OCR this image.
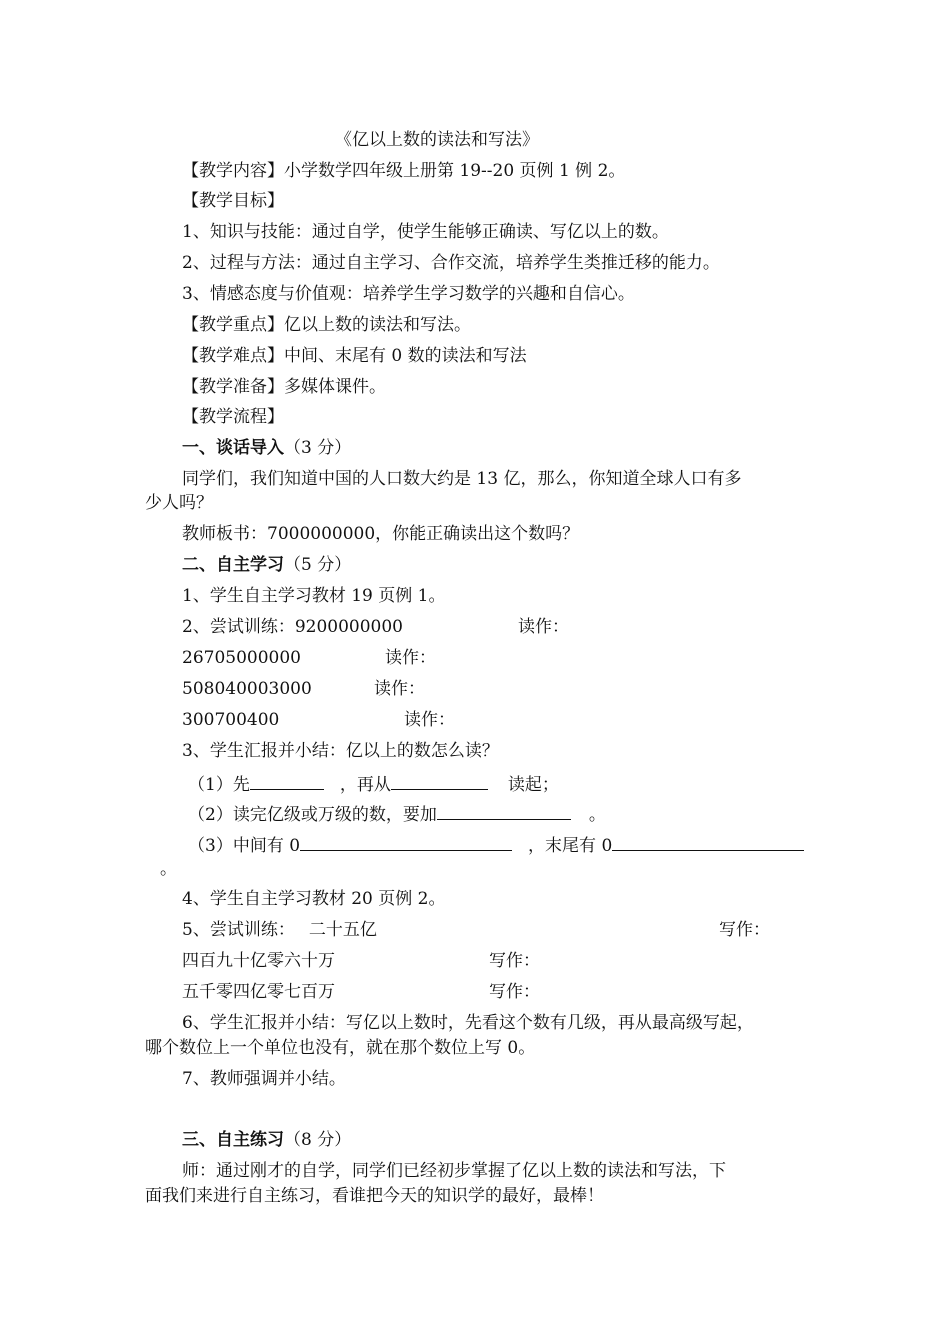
《亿以上数的读法和写法》
【教学内容】小学数学四年级上册第 19--20 页例 1 例 2。
【教学目标】
1、知识与技能：通过自学，使学生能够正确读、写亿以上的数。
2、过程与方法：通过自主学习、合作交流，培养学生类推迁移的能力。
3、情感态度与价值观：培养学生学习数学的兴趣和自信心。
【教学重点】亿以上数的读法和写法。
【教学难点】中间、末尾有 0 数的读法和写法
【教学准备】多媒体课件。
【教学流程】
一、谈话导入（3 分）
同学们，我们知道中国的人口数大约是 13 亿，那么，你知道全球人口有多
少人吗？
教师板书：7000000000，你能正确读出这个数吗？
二、自主学习（5 分）
1、学生自主学习教材 19 页例 1。
2、尝试训练：9200000000	读作：
26705000000	读作：
508040003000	读作：
300700400	读作：
3、学生汇报并小结：亿以上的数怎么读？
（1）先	，再从	读起；
（2）读完亿级或万级的数，要加	。
（3）中间有 0	，末尾有 0
。
4、学生自主学习教材 20 页例 2。
5、尝试训练： 二十五亿	写作：
四百九十亿零六十万	写作：
五千零四亿零七百万	写作：
6、学生汇报并小结：写亿以上数时，先看这个数有几级，再从最高级写起，
哪个数位上一个单位也没有，就在那个数位上写 0。
7、教师强调并小结。
三、自主练习（8 分）
师：通过刚才的自学，同学们已经初步掌握了亿以上数的读法和写法，下
面我们来进行自主练习，看谁把今天的知识学的最好，最棒！
